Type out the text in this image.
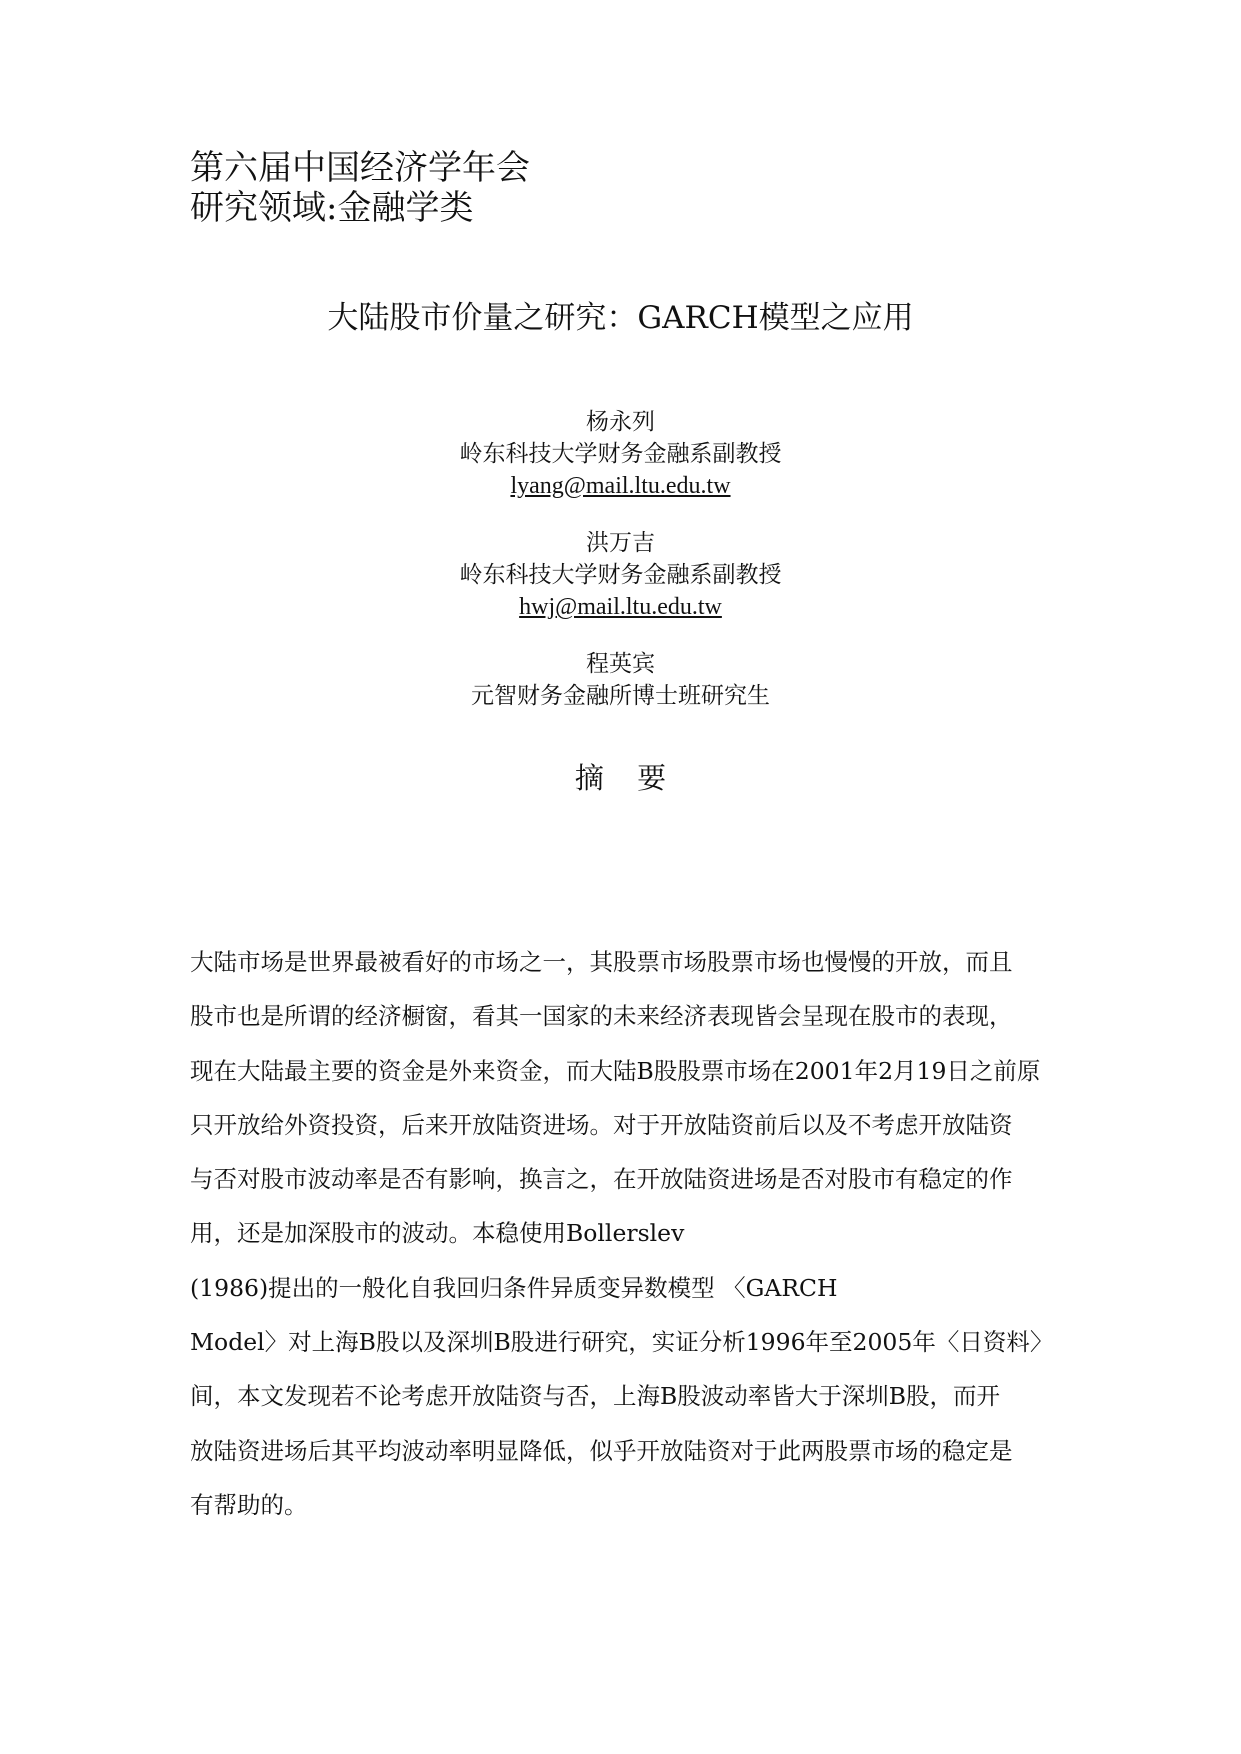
第六届中国经济学年会
研究领域:金融学类
大陆股市价量之研究：GARCH模型之应用
杨永列
岭东科技大学财务金融系副教授
lyang@mail.ltu.edu.tw
洪万吉
岭东科技大学财务金融系副教授
hwj@mail.ltu.edu.tw
程英宾
元智财务金融所博士班研究生
摘 要
大陆市场是世界最被看好的市场之一，其股票市场股票市场也慢慢的开放，而且
股市也是所谓的经济橱窗，看其一国家的未来经济表现皆会呈现在股市的表现，
现在大陆最主要的资金是外来资金，而大陆B股股票市场在2001年2月19日之前原
只开放给外资投资，后来开放陆资进场。对于开放陆资前后以及不考虑开放陆资
与否对股市波动率是否有影响，换言之，在开放陆资进场是否对股市有稳定的作
用，还是加深股市的波动。本稳使用Bollerslev
(1986)提出的一般化自我回归条件异质变异数模型 〈GARCH
Model〉对上海B股以及深圳B股进行研究，实证分析1996年至2005年〈日资料〉
间，本文发现若不论考虑开放陆资与否，上海B股波动率皆大于深圳B股，而开
放陆资进场后其平均波动率明显降低，似乎开放陆资对于此两股票市场的稳定是
有帮助的。
